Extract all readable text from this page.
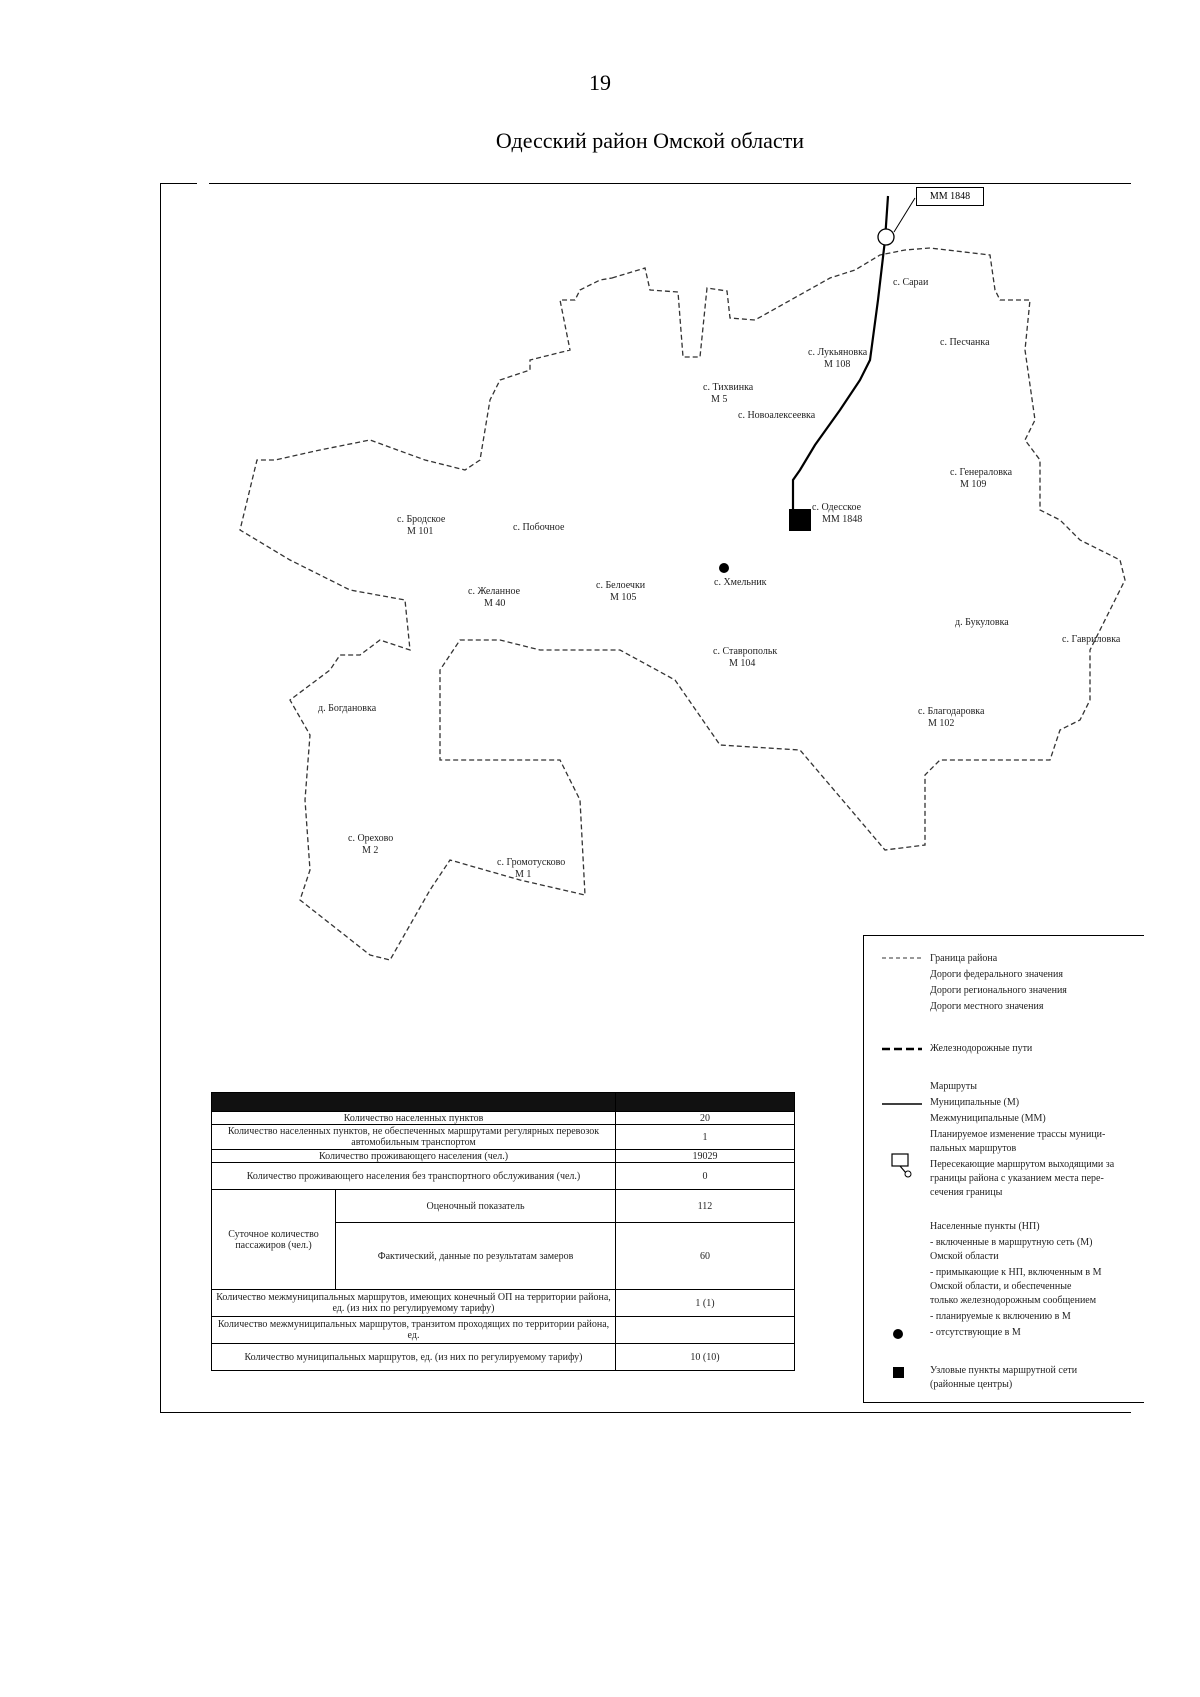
19
Одесский район Омской области
ММ 1848
с. Сараи
с. Песчанка
с. Лукьяновка
М 108
с. Тихвинка
М 5
с. Новоалексеевка
с. Генераловка
М 109
с. Одесское
ММ 1848
с. Бродское
М 101	с. Побочное
с. Хмельник
с. Желанное
М 40
с. Белоечки
М 105
д. Букуловка
с. Гавриловка
с. Ставропольк
М 104
д. Богдановка	с. Благодаровка
М 102
с. Орехово
М 2
с. Громотусково
М 1

Количество населенных пунктов		20
Количество населенных пунктов, не обеспеченных маршрутами регулярных перевозок автомобильным транспортом		1
Количество проживающего населения (чел.)		19029
Количество проживающего населения без транспортного обслуживания (чел.)		0
Суточное количество пассажиров (чел.)	Оценочный показатель	112
	Фактический, данные по результатам замеров	60
Количество межмуниципальных маршрутов, имеющих конечный ОП на территории района, ед. (из них по регулируемому тарифу)		1 (1)
Количество межмуниципальных маршрутов, транзитом проходящих по территории района, ед.		
Количество муниципальных маршрутов, ед. (из них по регулируемому тарифу)		10 (10)
Граница района
Дороги федерального значения
Дороги регионального значения
Дороги местного значения
Железнодорожные пути
Маршруты
Муниципальные (М)
Межмуниципальные (ММ)
Планируемое изменение трассы муници-
пальных маршрутов
Пересекающие маршрутом выходящими за
границы района с указанием места пере-
сечения границы
Населенные пункты (НП)
- включенные в маршрутную сеть (М)
Омской области
- примыкающие к НП, включенным в М
Омской области, и обеспеченные
только железнодорожным сообщением
- планируемые к включению в М
- отсутствующие в М
Узловые пункты маршрутной сети
(районные центры)
